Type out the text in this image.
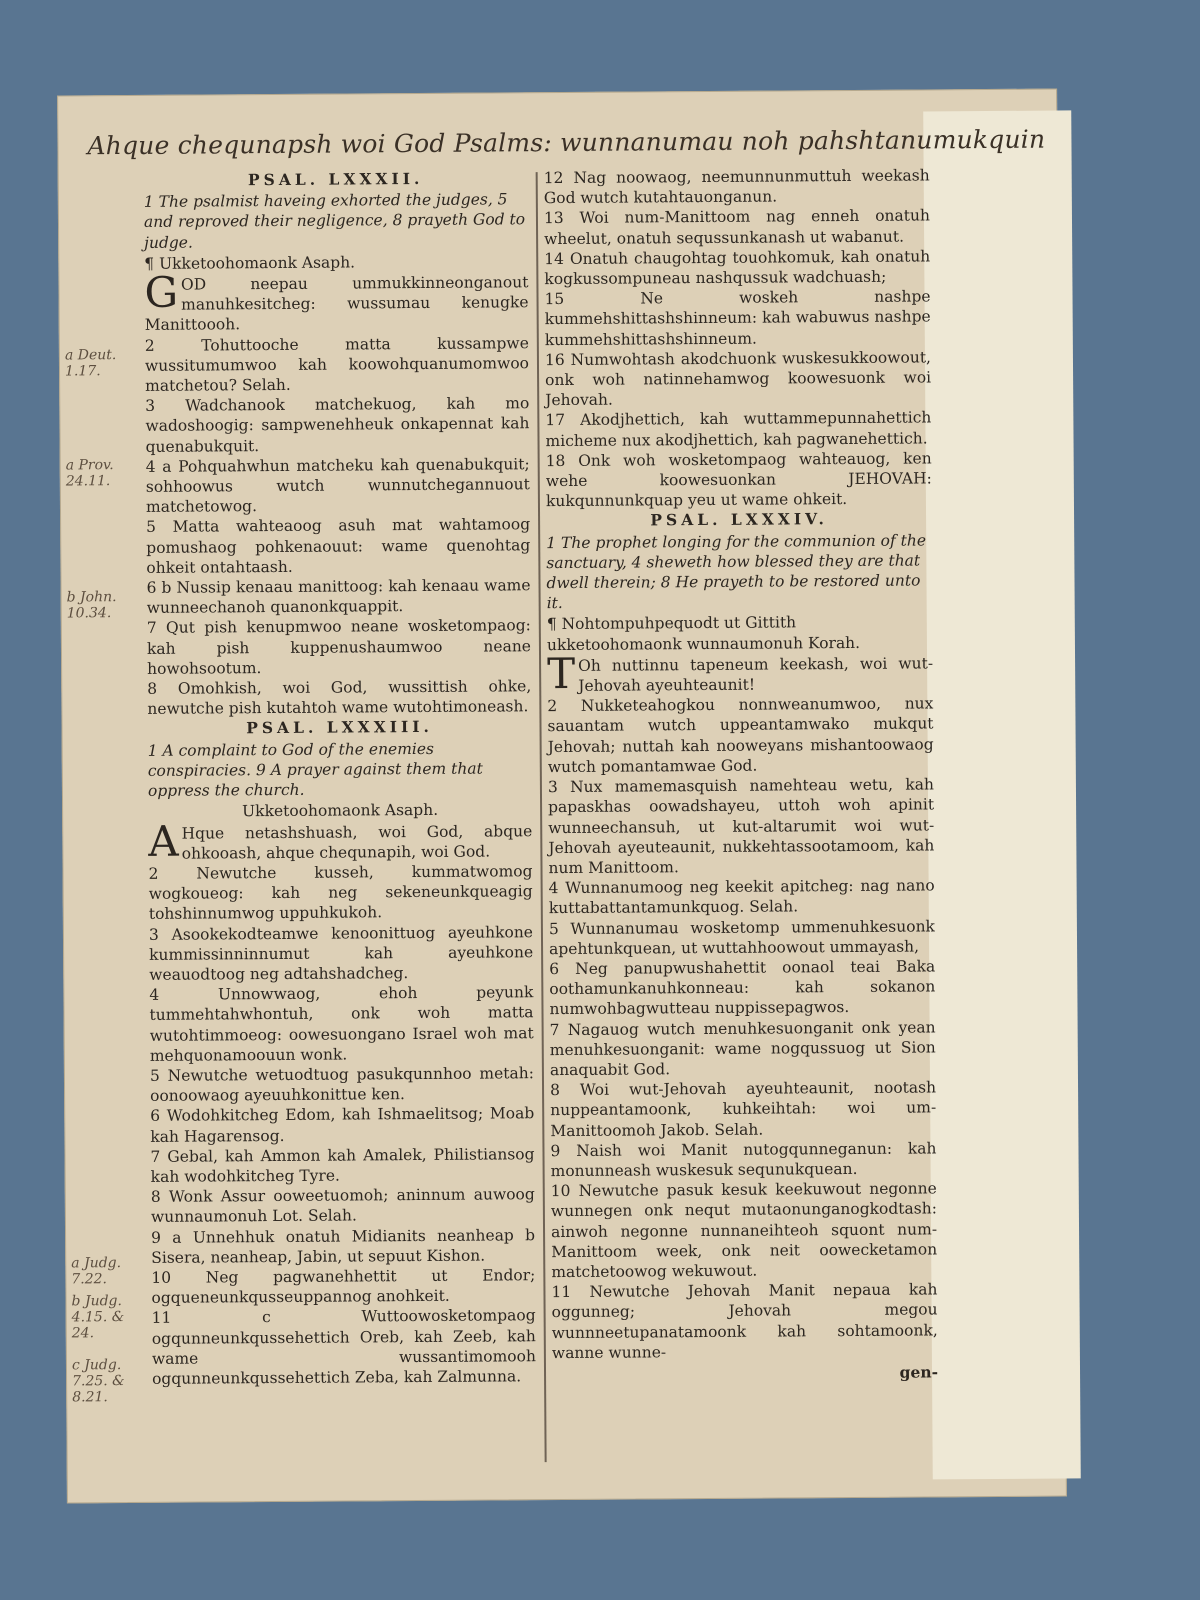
Ahque chequnapsh woi God Psalms: wunnanumau noh pahshtanumukquin
a Deut. 1.17.
a Prov. 24.11.
b John. 10.34.
a Judg. 7.22.
b Judg. 4.15. & 24.
c Judg. 7.25. & 8.21.

PSAL. LXXXII.

1 The psalmist haveing exhorted the judges, 5 and reproved their negligence, 8 prayeth God to judge.

¶ Ukketoohomaonk Asaph.

GOD neepau ummukkinneonganout manuhkesitcheg: wussumau kenugke Manittoooh.

2 Tohuttooche matta kussampwe wussitumumwoo kah koowohquanumomwoo matchetou? Selah.

3 Wadchanook matchekuog, kah mo wadoshoogig: sampwenehheuk onkapennat kah quenabukquit.

4 a Pohquahwhun matcheku kah quenabukquit; sohhoowus wutch wunnutchegannuout matchetowog.

5 Matta wahteaoog asuh mat wahtamoog pomushaog pohkenaouut: wame quenohtag ohkeit ontahtaash.

6 b Nussip kenaau manittoog: kah kenaau wame wunneechanoh quanonkquappit.

7 Qut pish kenupmwoo neane wosketompaog: kah pish kuppenushaumwoo neane howohsootum.

8 Omohkish, woi God, wussittish ohke, newutche pish kutahtoh wame wutohtimoneash.

PSAL. LXXXIII.

1 A complaint to God of the enemies conspiracies. 9 A prayer against them that oppress the church.

Ukketoohomaonk Asaph.

AHque netashshuash, woi God, abque ohkooash, ahque chequnapih, woi God.

2 Newutche kusseh, kummatwomog wogkoueog: kah neg sekeneunkqueagig tohshinnumwog uppuhkukoh.

3 Asookekodteamwe kenoonittuog ayeuhkone kummissinninnumut kah ayeuhkone weauodtoog neg adtahshadcheg.

4 Unnowwaog, ehoh peyunk tummehtahwhontuh, onk woh matta wutohtimmoeog: oowesuongano Israel woh mat mehquonamoouun wonk.

5 Newutche wetuodtuog pasukqunnhoo metah: oonoowaog ayeuuhkonittue ken.

6 Wodohkitcheg Edom, kah Ishmaelitsog; Moab kah Hagarensog.

7 Gebal, kah Ammon kah Amalek, Philistiansog kah wodohkitcheg Tyre.

8 Wonk Assur ooweetuomoh; aninnum auwoog wunnaumonuh Lot. Selah.

9 a Unnehhuk onatuh Midianits neanheap b Sisera, neanheap, Jabin, ut sepuut Kishon.

10 Neg pagwanehhettit ut Endor; ogqueneunkqusseuppannog anohkeit.

11 c Wuttoowosketompaog ogqunneunkqussehettich Oreb, kah Zeeb, kah wame wussantimomooh ogqunneunkqussehettich Zeba, kah Zalmunna.

12 Nag noowaog, neemunnunmuttuh weekash God wutch kutahtauonganun.

13 Woi num-Manittoom nag enneh onatuh wheelut, onatuh sequssunkanash ut wabanut.

14 Onatuh chaugohtag touohkomuk, kah onatuh kogkussompuneau nashqussuk wadchuash;

15 Ne woskeh nashpe kummehshittashshinneum: kah wabuwus nashpe kummehshittashshinneum.

16 Numwohtash akodchuonk wuskesukkoowout, onk woh natinnehamwog koowesuonk woi Jehovah.

17 Akodjhettich, kah wuttammepunnahettich micheme nux akodjhettich, kah pagwanehettich.

18 Onk woh wosketompaog wahteauog, ken wehe koowesuonkan JEHOVAH: kukqunnunkquap yeu ut wame ohkeit.

PSAL. LXXXIV.

1 The prophet longing for the communion of the sanctuary, 4 sheweth how blessed they are that dwell therein; 8 He prayeth to be restored unto it.

¶ Nohtompuhpequodt ut Gittith ukketoohomaonk wunnaumonuh Korah.

TOh nuttinnu tapeneum keekash, woi wut-Jehovah ayeuhteaunit!

2 Nukketeahogkou nonnweanumwoo, nux sauantam wutch uppeantamwako mukqut Jehovah; nuttah kah nooweyans mishantoowaog wutch pomantamwae God.

3 Nux mamemasquish namehteau wetu, kah papaskhas oowadshayeu, uttoh woh apinit wunneechansuh, ut kut-altarumit woi wut-Jehovah ayeuteaunit, nukkehtassootamoom, kah num Manittoom.

4 Wunnanumoog neg keekit apitcheg: nag nano kuttabattantamunkquog. Selah.

5 Wunnanumau wosketomp ummenuhkesuonk apehtunkquean, ut wuttahhoowout ummayash,

6 Neg panupwushahettit oonaol teai Baka oothamunkanuhkonneau: kah sokanon numwohbagwutteau nuppissepagwos.

7 Nagauog wutch menuhkesuonganit onk yean menuhkesuonganit: wame nogqussuog ut Sion anaquabit God.

8 Woi wut-Jehovah ayeuhteaunit, nootash nuppeantamoonk, kuhkeihtah: woi um-Manittoomoh Jakob. Selah.

9 Naish woi Manit nutogqunneganun: kah monunneash wuskesuk sequnukquean.

10 Newutche pasuk kesuk keekuwout negonne wunnegen onk nequt mutaonunganogkodtash: ainwoh negonne nunnaneihteoh squont num-Manittoom week, onk neit oowecketamon matchetoowog wekuwout.

11 Newutche Jehovah Manit nepaua kah oggunneg; Jehovah megou wunnneetupanatamoonk kah sohtamoonk, wanne wunne-

gen-
